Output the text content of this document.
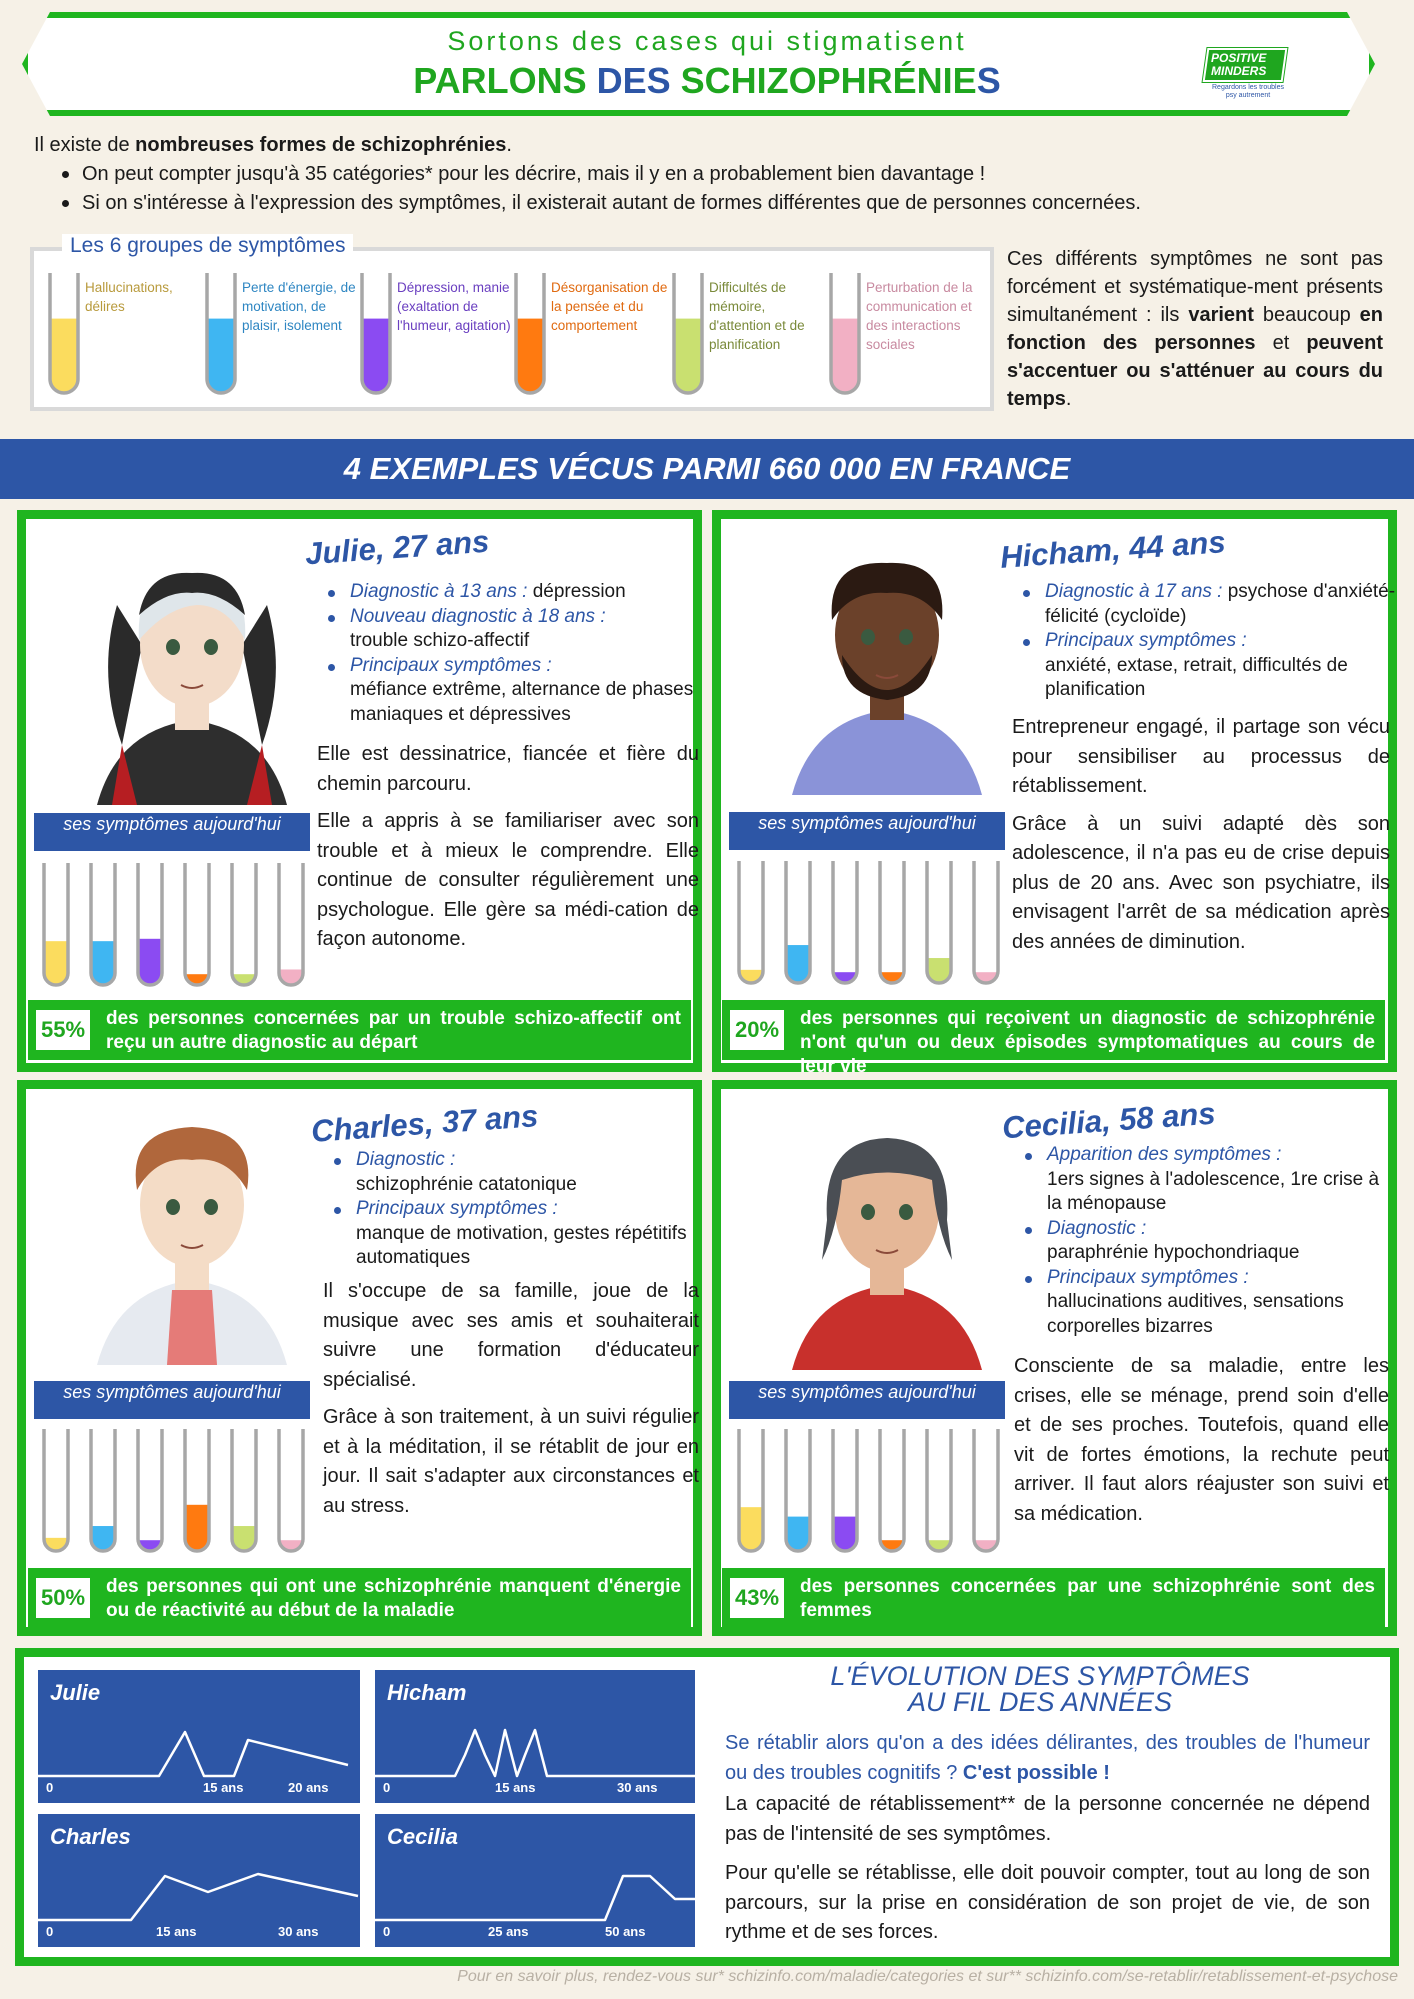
Sortons des cases qui stigmatisent
PARLONS DES SCHIZOPHRÉNIES
POSITIVE
MINDERS
Regardons les troubles psy autrement
Il existe de nombreuses formes de schizophrénies.
On peut compter jusqu'à 35 catégories* pour les décrire, mais il y en a probablement bien davantage !
Si on s'intéresse à l'expression des symptômes, il existerait autant de formes différentes que de personnes concernées.
Les 6 groupes de symptômes
Hallucinations, délires
Perte d'énergie, de motivation, de plaisir, isolement
Dépression, manie (exaltation de l'humeur, agitation)
Désorganisation de la pensée et du comportement
Difficultés de mémoire, d'attention et de planification
Perturbation de la communication et des interactions sociales
Ces différents symptômes ne sont pas forcément et systématique-ment présents simultanément : ils varient beaucoup en fonction des personnes et peuvent s'accentuer ou s'atténuer au cours du temps.
4 EXEMPLES VÉCUS PARMI 660 000 EN FRANCE
Julie, 27 ans
Diagnostic à 13 ans : dépression
Nouveau diagnostic à 18 ans :
trouble schizo-affectif
Principaux symptômes :
méfiance extrême, alternance de phases maniaques et dépressives

Elle est dessinatrice, fiancée et fière du chemin parcouru.

Elle a appris à se familiariser avec son trouble et à mieux le comprendre. Elle continue de consulter régulièrement une psychologue. Elle gère sa médi-cation de façon autonome.

ses symptômes aujourd'hui
55% des personnes concernées par un trouble schizo-affectif ont reçu un autre diagnostic au départ
Hicham, 44 ans
Diagnostic à 17 ans : psychose d'anxiété-félicité (cycloïde)
Principaux symptômes :
anxiété, extase, retrait, difficultés de planification

Entrepreneur engagé, il partage son vécu pour sensibiliser au processus de rétablissement.

Grâce à un suivi adapté dès son adolescence, il n'a pas eu de crise depuis plus de 20 ans. Avec son psychiatre, ils envisagent l'arrêt de sa médication après des années de diminution.

ses symptômes aujourd'hui
20% des personnes qui reçoivent un diagnostic de schizophrénie n'ont qu'un ou deux épisodes symptomatiques au cours de leur vie
Charles, 37 ans
Diagnostic :
schizophrénie catatonique
Principaux symptômes :
manque de motivation, gestes répétitifs automatiques

Il s'occupe de sa famille, joue de la musique avec ses amis et souhaiterait suivre une formation d'éducateur spécialisé.

Grâce à son traitement, à un suivi régulier et à la méditation, il se rétablit de jour en jour. Il sait s'adapter aux circonstances et au stress.

ses symptômes aujourd'hui
50% des personnes qui ont une schizophrénie manquent d'énergie ou de réactivité au début de la maladie
Cecilia, 58 ans
Apparition des symptômes :
1ers signes à l'adolescence, 1re crise à la ménopause
Diagnostic :
paraphrénie hypochondriaque
Principaux symptômes :
hallucinations auditives, sensations corporelles bizarres

Consciente de sa maladie, entre les crises, elle se ménage, prend soin d'elle et de ses proches. Toutefois, quand elle vit de fortes émotions, la rechute peut arriver. Il faut alors réajuster son suivi et sa médication.

ses symptômes aujourd'hui
43% des personnes concernées par une schizophrénie sont des femmes
Julie
0	15 ans	20 ans
Hicham
0	15 ans	30 ans
Charles
0	15 ans	30 ans
Cecilia
0	25 ans	50 ans
L'ÉVOLUTION DES SYMPTÔMES
AU FIL DES ANNÉES

Se rétablir alors qu'on a des idées délirantes, des troubles de l'humeur ou des troubles cognitifs ? C'est possible !

La capacité de rétablissement** de la personne concernée ne dépend pas de l'intensité de ses symptômes.

Pour qu'elle se rétablisse, elle doit pouvoir compter, tout au long de son parcours, sur la prise en considération de son projet de vie, de son rythme et de ses forces.

Pour en savoir plus, rendez-vous sur* schizinfo.com/maladie/categories et sur** schizinfo.com/se-retablir/retablissement-et-psychose
